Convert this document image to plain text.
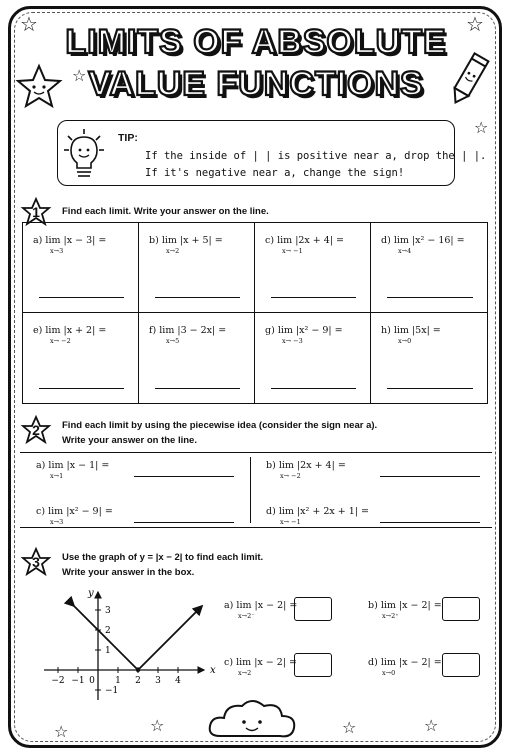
☆	☆
☆
☆
☆
☆
☆
☆
LIMITS OF ABSOLUTE
VALUE FUNCTIONS
TIP:
If the inside of | | is positive near a, drop the | |.
If it's negative near a, change the sign!
1	Find each limit. Write your answer on the line.
a) lim |x − 3| =
x→3
b) lim |x + 5| =
x→2
c) lim |2x + 4| =
x→ −1
d) lim |x² − 16| =
x→4
e) lim |x + 2| =
x→ −2
f) lim |3 − 2x| =
x→5
g) lim |x² − 9| =
x→ −3
h) lim |5x| =
x→0
2	Find each limit by using the piecewise idea (consider the sign near a).
Write your answer on the line.
a) lim |x − 1| =
x→1
b) lim |2x + 4| =
x→ −2
c) lim |x² − 9| =
x→3
d) lim |x² + 2x + 1| =
x→ −1
3	Use the graph of y = |x − 2| to find each limit.
Write your answer in the box.
−2 −1 0 1 2 3 4
3
2
1
−1
x
y
a) lim |x − 2| =
x→2⁻
b) lim |x − 2| =
x→2⁺
c) lim |x − 2| =
x→2
d) lim |x − 2| =
x→0
